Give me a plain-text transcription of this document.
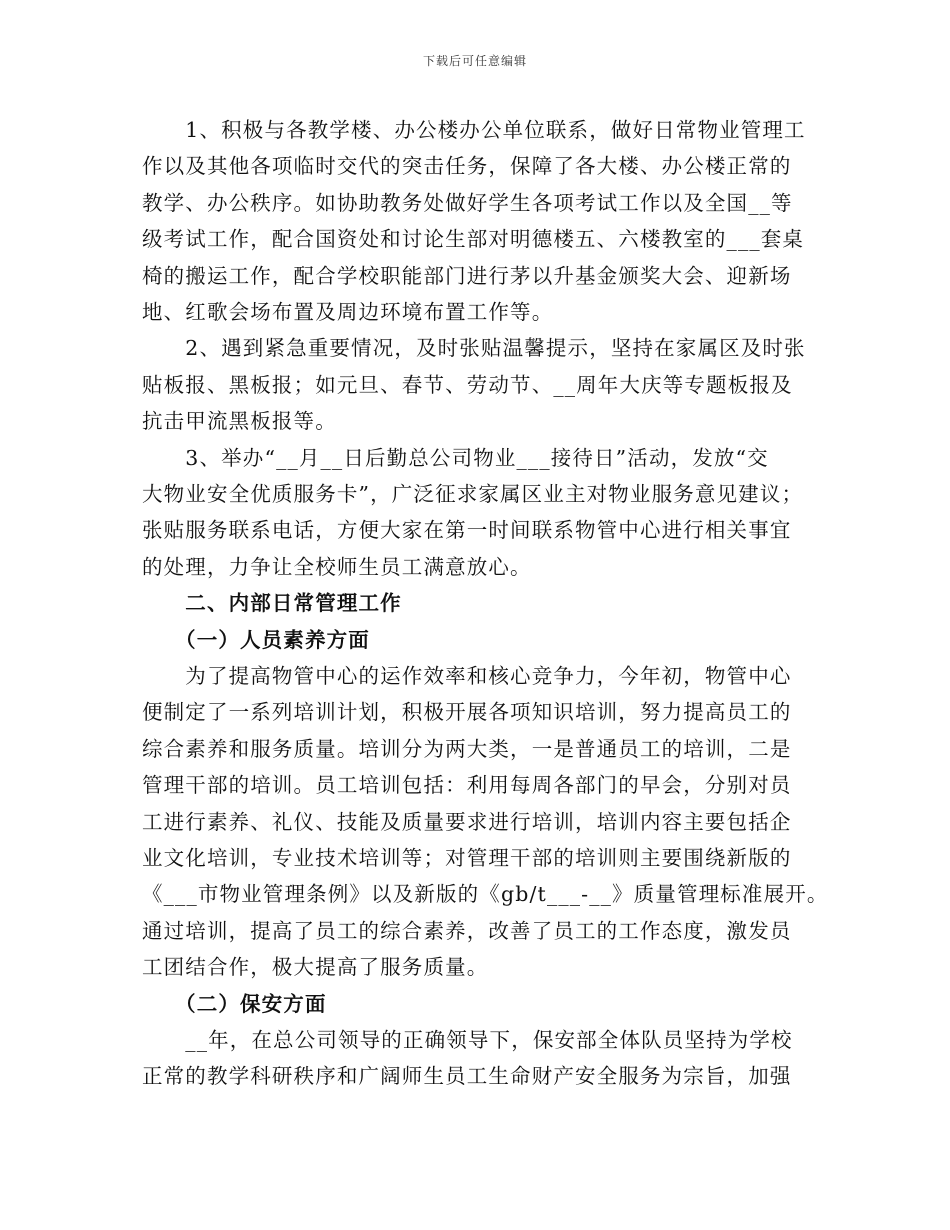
下载后可任意编辑
　　1、积极与各教学楼、办公楼办公单位联系，做好日常物业管理工
作以及其他各项临时交代的突击任务，保障了各大楼、办公楼正常的
教学、办公秩序。如协助教务处做好学生各项考试工作以及全国__等
级考试工作，配合国资处和讨论生部对明德楼五、六楼教室的___套桌
椅的搬运工作，配合学校职能部门进行茅以升基金颁奖大会、迎新场
地、红歌会场布置及周边环境布置工作等。
　　2、遇到紧急重要情况，及时张贴温馨提示，坚持在家属区及时张
贴板报、黑板报；如元旦、春节、劳动节、__周年大庆等专题板报及
抗击甲流黑板报等。
　　3、举办“__月__日后勤总公司物业___接待日”活动，发放“交
大物业安全优质服务卡”，广泛征求家属区业主对物业服务意见建议；
张贴服务联系电话，方便大家在第一时间联系物管中心进行相关事宜
的处理，力争让全校师生员工满意放心。
　　二、内部日常管理工作
　　（一）人员素养方面
　　为了提高物管中心的运作效率和核心竞争力，今年初，物管中心
便制定了一系列培训计划，积极开展各项知识培训，努力提高员工的
综合素养和服务质量。培训分为两大类，一是普通员工的培训，二是
管理干部的培训。员工培训包括：利用每周各部门的早会，分别对员
工进行素养、礼仪、技能及质量要求进行培训，培训内容主要包括企
业文化培训，专业技术培训等；对管理干部的培训则主要围绕新版的
《___市物业管理条例》以及新版的《gb/t___-__》质量管理标准展开。
通过培训，提高了员工的综合素养，改善了员工的工作态度，激发员
工团结合作，极大提高了服务质量。
　　（二）保安方面
　　__年，在总公司领导的正确领导下，保安部全体队员坚持为学校
正常的教学科研秩序和广阔师生员工生命财产安全服务为宗旨，加强
